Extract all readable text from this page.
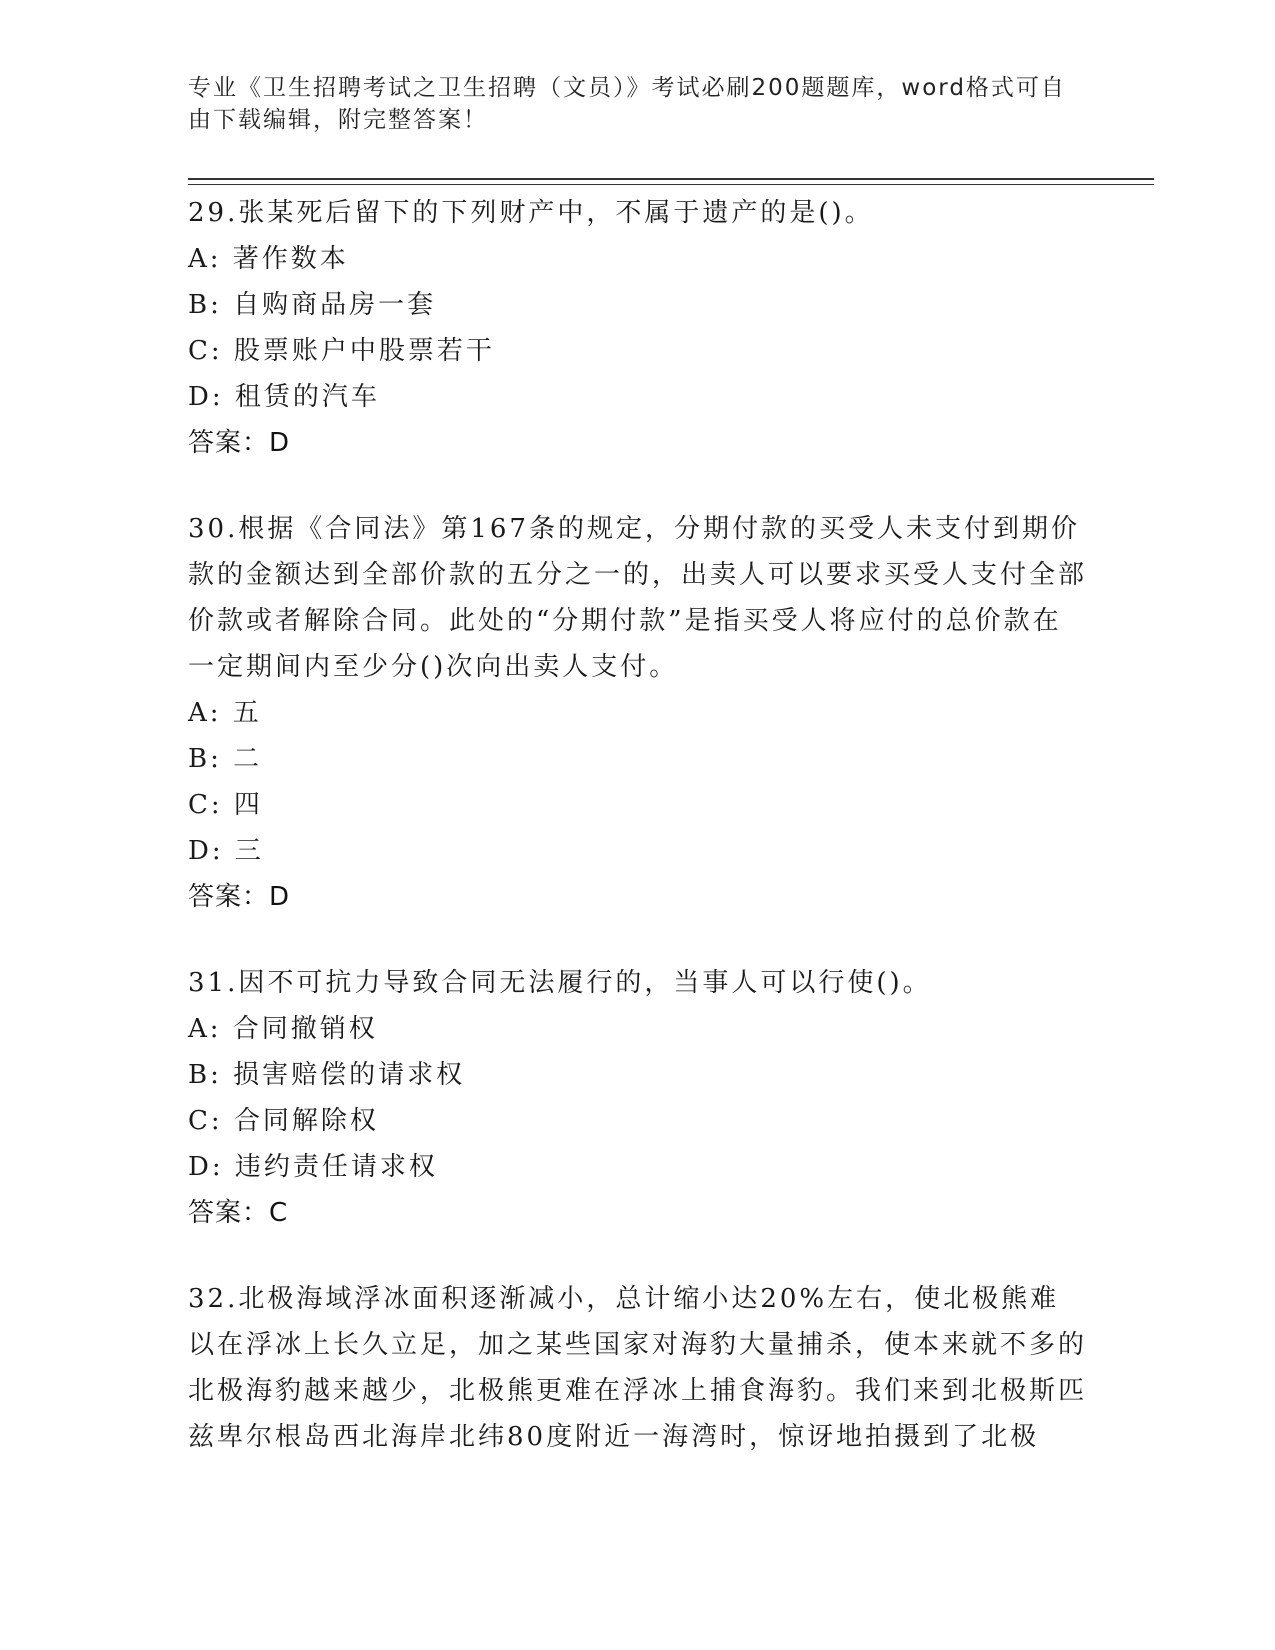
专业《卫生招聘考试之卫生招聘（文员）》考试必刷200题题库，word格式可自由下载编辑，附完整答案！
29.张某死后留下的下列财产中，不属于遗产的是()。
A: 著作数本
B: 自购商品房一套
C: 股票账户中股票若干
D: 租赁的汽车
答案：D
30.根据《合同法》第167条的规定，分期付款的买受人未支付到期价款的金额达到全部价款的五分之一的，出卖人可以要求买受人支付全部价款或者解除合同。此处的“分期付款”是指买受人将应付的总价款在一定期间内至少分()次向出卖人支付。
A: 五
B: 二
C: 四
D: 三
答案：D
31.因不可抗力导致合同无法履行的，当事人可以行使()。
A: 合同撤销权
B: 损害赔偿的请求权
C: 合同解除权
D: 违约责任请求权
答案：C
32.北极海域浮冰面积逐渐减小，总计缩小达20%左右，使北极熊难以在浮冰上长久立足，加之某些国家对海豹大量捕杀，使本来就不多的北极海豹越来越少，北极熊更难在浮冰上捕食海豹。我们来到北极斯匹兹卑尔根岛西北海岸北纬80度附近一海湾时，惊讶地拍摄到了北极
